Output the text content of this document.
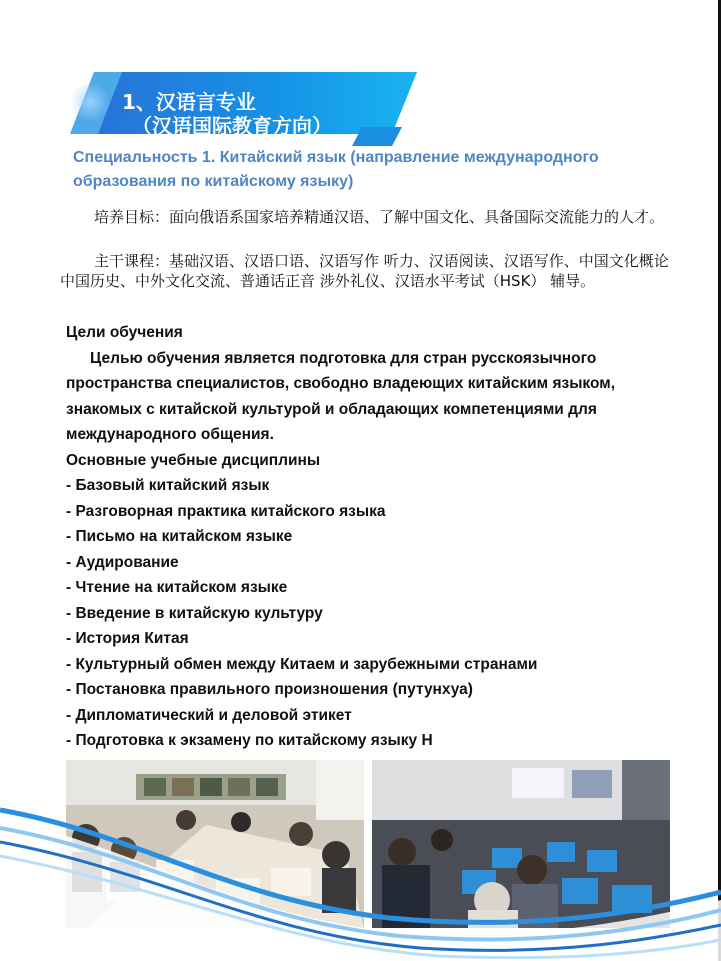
1、汉语言专业
（汉语国际教育方向）
Специальность 1. Китайский язык (направление международного образования по китайскому языку)
培养目标：面向俄语系国家培养精通汉语、了解中国文化、具备国际交流能力的人才。
主干课程：基础汉语、汉语口语、汉语写作 听力、汉语阅读、汉语写作、中国文化概论 中国历史、中外文化交流、普通话正音 涉外礼仪、汉语水平考试（HSK） 辅导。
Цели обучения
Целью обучения является подготовка для стран русскоязычного пространства специалистов, свободно владеющих китайским языком, знакомых с китайской культурой и обладающих компетенциями для международного общения.
Основные учебные дисциплины
- Базовый китайский язык
- Разговорная практика китайского языка
- Письмо на китайском языке
- Аудирование
- Чтение на китайском языке
- Введение в китайскую культуру
- История Китая
- Культурный обмен между Китаем и зарубежными странами
- Постановка правильного произношения (путунхуа)
- Дипломатический и деловой этикет
- Подготовка к экзамену по китайскому языку Н
